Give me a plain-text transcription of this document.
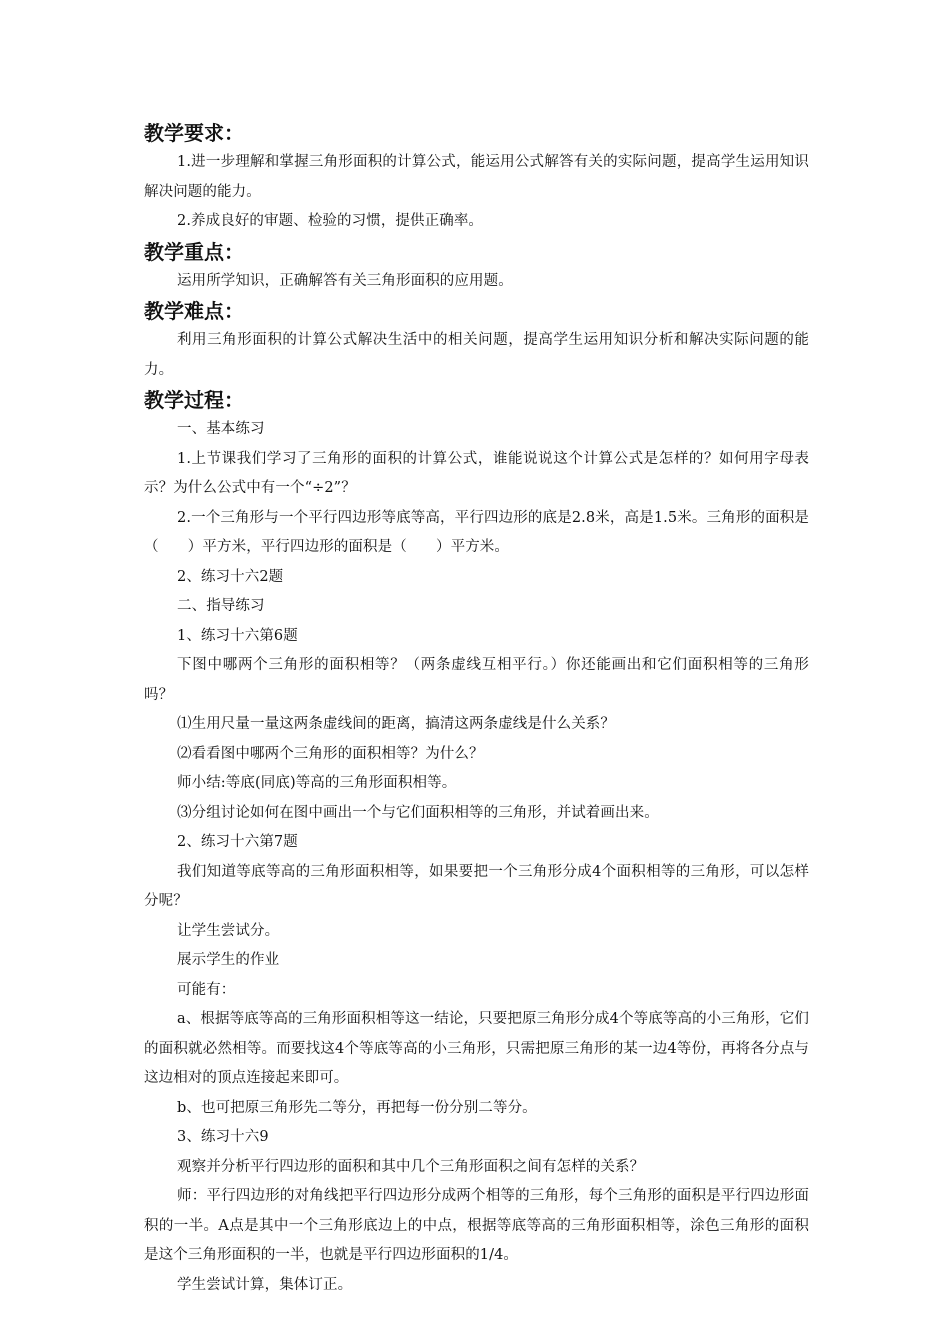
教学要求：

1.进一步理解和掌握三角形面积的计算公式，能运用公式解答有关的实际问题，提高学生运用知识解决问题的能力。

2.养成良好的审题、检验的习惯，提供正确率。

教学重点：

运用所学知识，正确解答有关三角形面积的应用题。

教学难点：

利用三角形面积的计算公式解决生活中的相关问题，提高学生运用知识分析和解决实际问题的能力。

教学过程：

一、基本练习

1.上节课我们学习了三角形的面积的计算公式，谁能说说这个计算公式是怎样的？如何用字母表示？为什么公式中有一个“÷2”？

2.一个三角形与一个平行四边形等底等高，平行四边形的底是2.8米，高是1.5米。三角形的面积是（　　）平方米，平行四边形的面积是（　　）平方米。

2、练习十六2题

二、指导练习

1、练习十六第6题

下图中哪两个三角形的面积相等？（两条虚线互相平行。）你还能画出和它们面积相等的三角形吗？

⑴生用尺量一量这两条虚线间的距离，搞清这两条虚线是什么关系？

⑵看看图中哪两个三角形的面积相等？为什么？

师小结:等底(同底)等高的三角形面积相等。

⑶分组讨论如何在图中画出一个与它们面积相等的三角形，并试着画出来。

2、练习十六第7题

我们知道等底等高的三角形面积相等，如果要把一个三角形分成4个面积相等的三角形，可以怎样分呢？

让学生尝试分。

展示学生的作业

可能有：

a、根据等底等高的三角形面积相等这一结论，只要把原三角形分成4个等底等高的小三角形，它们的面积就必然相等。而要找这4个等底等高的小三角形，只需把原三角形的某一边4等份，再将各分点与这边相对的顶点连接起来即可。

b、也可把原三角形先二等分，再把每一份分别二等分。

3、练习十六9

观察并分析平行四边形的面积和其中几个三角形面积之间有怎样的关系？

师：平行四边形的对角线把平行四边形分成两个相等的三角形，每个三角形的面积是平行四边形面积的一半。A点是其中一个三角形底边上的中点，根据等底等高的三角形面积相等，涂色三角形的面积是这个三角形面积的一半，也就是平行四边形面积的1/4。

学生尝试计算，集体订正。
